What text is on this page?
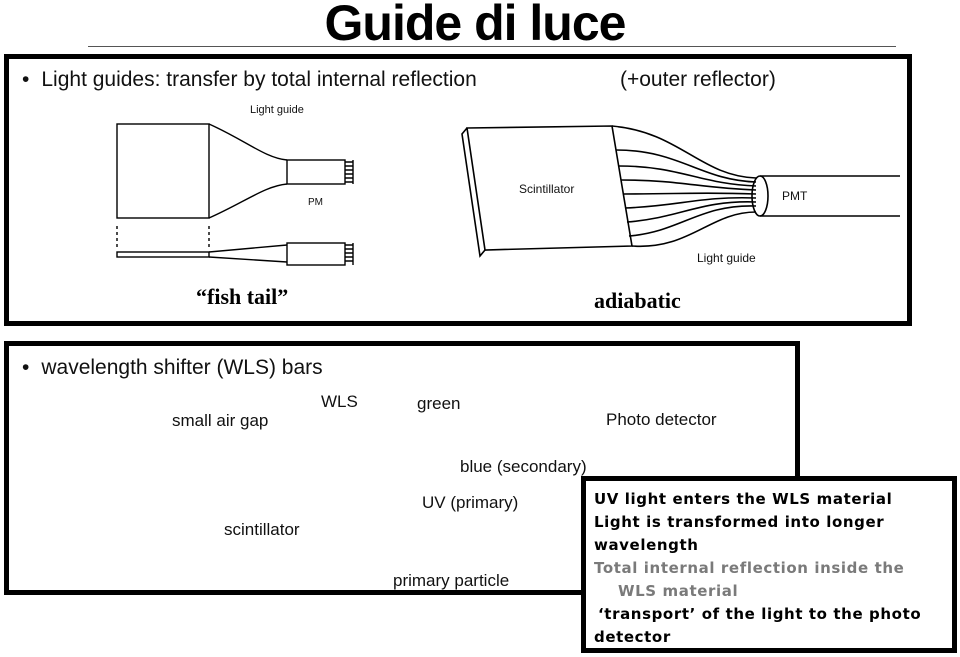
Guide di luce
• Light guides: transfer by total internal reflection	(+outer reflector)
Light guide
PM
“fish tail”
Scintillator	PMT
Light guide
adiabatic
• wavelength shifter (WLS) bars
small air gap
WLS	green
Photo detector
blue (secondary)
UV (primary)
scintillator
primary particle
UV light enters the WLS material
Light is transformed into longer
wavelength
Total internal reflection inside the
WLS material
‘transport’ of the light to the photo
detector
